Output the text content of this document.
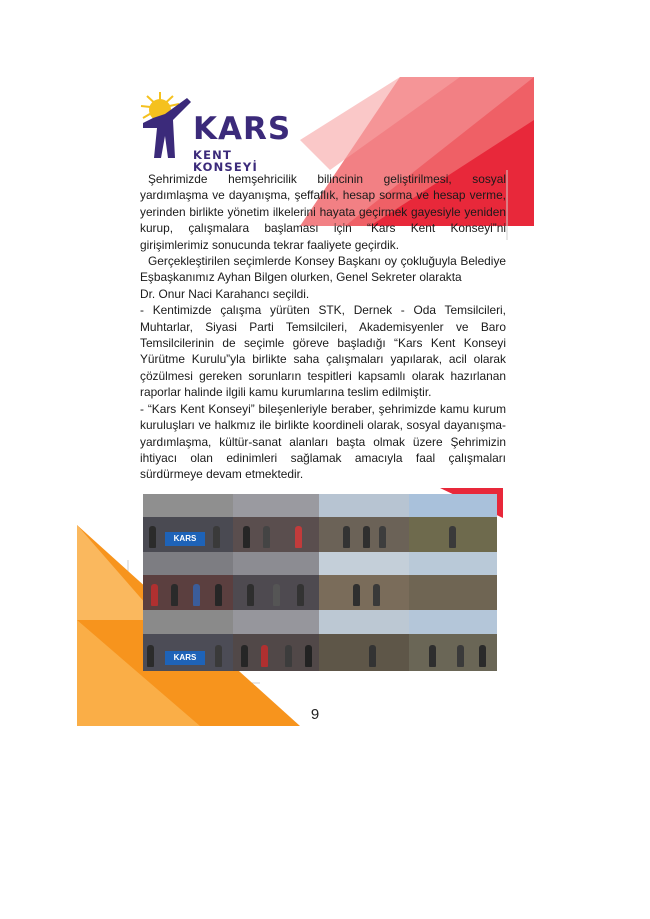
KARS
KENT KONSEYİ

Şehrimizde hemşehricilik bilincinin geliştirilmesi, sosyal yardımlaşma ve dayanışma, şeffaflık, hesap sorma ve hesap verme, yerinden birlikte yönetim ilkelerini hayata geçirmek gayesiyle yeniden kurup, çalışmalara başlaması için “Kars Kent Konseyi”ni girişimlerimiz sonucunda tekrar faaliyete geçirdik.

Gerçekleştirilen seçimlerde Konsey Başkanı oy çokluğuyla Belediye Eşbaşkanımız Ayhan Bilgen olurken, Genel Sekreter olarakta

Dr. Onur Naci Karahancı seçildi.

- Kentimizde çalışma yürüten STK, Dernek - Oda Temsilcileri, Muhtarlar, Siyasi Parti Temsilcileri, Akademisyenler ve Baro Temsilcilerinin de seçimle göreve başladığı “Kars Kent Konseyi Yürütme Kurulu”yla birlikte saha çalışmaları yapılarak, acil olarak çözülmesi gereken sorunların tespitleri kapsamlı olarak hazırlanan raporlar halinde ilgili kamu kurumlarına teslim edilmiştir.

- “Kars Kent Konseyi” bileşenleriyle beraber, şehrimizde kamu kurum kuruluşları ve halkmız ile birlikte koordineli olarak, sosyal dayanışma-yardımlaşma, kültür-sanat alanları başta olmak üzere Şehrimizin ihtiyacı olan edinimleri sağlamak amacıyla faal çalışmaları sürdürmeye devam etmektedir.

KARS
KARS
9
